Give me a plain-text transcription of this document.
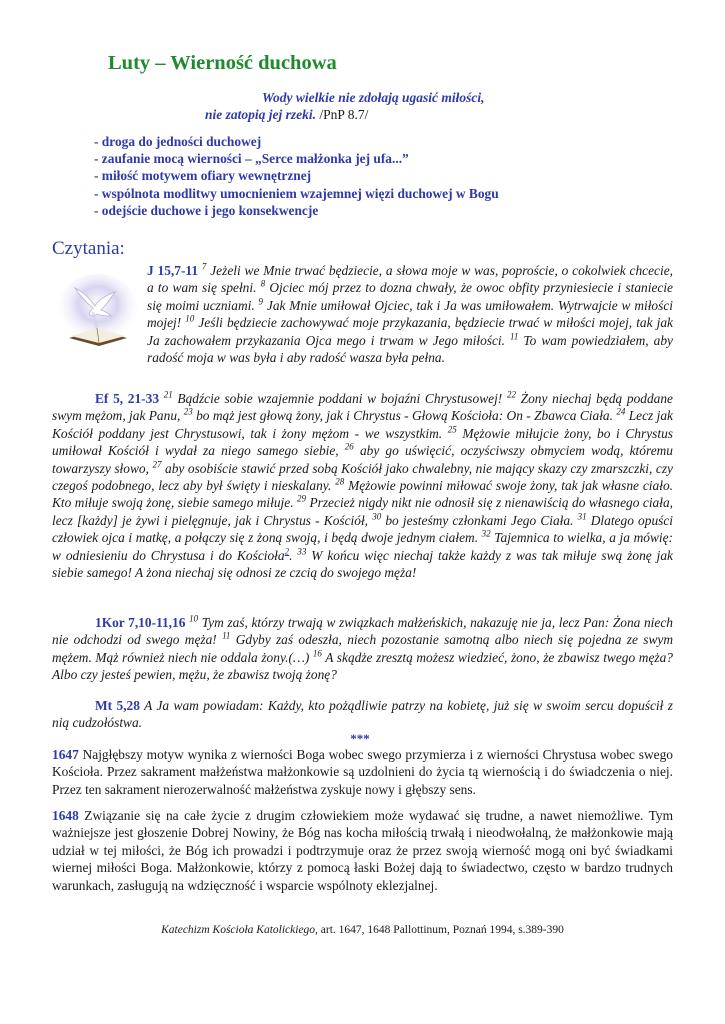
Luty – Wierność duchowa
Wody wielkie nie zdołają ugasić miłości,
nie zatopią jej rzeki. /PnP 8.7/
- droga do jedności duchowej
- zaufanie mocą wierności – „Serce małżonka jej ufa...”
- miłość motywem ofiary wewnętrznej
- wspólnota modlitwy umocnieniem wzajemnej więzi duchowej w Bogu
- odejście duchowe i jego konsekwencje
Czytania:
J 15,7-11 $^7$ Jeżeli we Mnie trwać będziecie, a słowa moje w was, poproście, o cokolwiek chcecie, a to wam się spełni. $^8$ Ojciec mój przez to dozna chwały, że owoc obfity przyniesiecie i staniecie się moimi uczniami. $^9$ Jak Mnie umiłował Ojciec, tak i Ja was umiłowałem. Wytrwajcie w miłości mojej! $^{10}$ Jeśli będziecie zachowywać moje przykazania, będziecie trwać w miłości mojej, tak jak Ja zachowałem przykazania Ojca mego i trwam w Jego miłości. $^{11}$ To wam powiedziałem, aby radość moja w was była i aby radość wasza była pełna.
Ef 5, 21-33 $^{21}$ Bądźcie sobie wzajemnie poddani w bojaźni Chrystusowej! $^{22}$ Żony niechaj będą poddane swym mężom, jak Panu, $^{23}$ bo mąż jest głową żony, jak i Chrystus - Głową Kościoła: On - Zbawca Ciała. $^{24}$ Lecz jak Kościół poddany jest Chrystusowi, tak i żony mężom - we wszystkim. $^{25}$ Mężowie miłujcie żony, bo i Chrystus umiłował Kościół i wydał za niego samego siebie, $^{26}$ aby go uświęcić, oczyściwszy obmyciem wodą, któremu towarzyszy słowo, $^{27}$ aby osobiście stawić przed sobą Kościół jako chwalebny, nie mający skazy czy zmarszczki, czy czegoś podobnego, lecz aby był święty i nieskalany. $^{28}$ Mężowie powinni miłować swoje żony, tak jak własne ciało. Kto miłuje swoją żonę, siebie samego miłuje. $^{29}$ Przecież nigdy nikt nie odnosił się z nienawiścią do własnego ciała, lecz [każdy] je żywi i pielęgnuje, jak i Chrystus - Kościół, $^{30}$ bo jesteśmy członkami Jego Ciała. $^{31}$ Dlatego opuści człowiek ojca i matkę, a połączy się z żoną swoją, i będą dwoje jednym ciałem. $^{32}$ Tajemnica to wielka, a ja mówię: w odniesieniu do Chrystusa i do Kościoła$^2$. $^{33}$ W końcu więc niechaj także każdy z was tak miłuje swą żonę jak siebie samego! A żona niechaj się odnosi ze czcią do swojego męża!
1Kor 7,10-11,16 $^{10}$ Tym zaś, którzy trwają w związkach małżeńskich, nakazuję nie ja, lecz Pan: Żona niech nie odchodzi od swego męża! $^{11}$ Gdyby zaś odeszła, niech pozostanie samotną albo niech się pojedna ze swym mężem. Mąż również niech nie oddala żony.(…) $^{16}$ A skądże zresztą możesz wiedzieć, żono, że zbawisz twego męża? Albo czy jesteś pewien, mężu, że zbawisz twoją żonę?
Mt 5,28 A Ja wam powiadam: Każdy, kto pożądliwie patrzy na kobietę, już się w swoim sercu dopuścił z nią cudzołóstwa.
***
1647 Najgłębszy motyw wynika z wierności Boga wobec swego przymierza i z wierności Chrystusa wobec swego Kościoła. Przez sakrament małżeństwa małżonkowie są uzdolnieni do życia tą wiernością i do świadczenia o niej. Przez ten sakrament nierozerwalność małżeństwa zyskuje nowy i głębszy sens.
1648 Związanie się na całe życie z drugim człowiekiem może wydawać się trudne, a nawet niemożliwe. Tym ważniejsze jest głoszenie Dobrej Nowiny, że Bóg nas kocha miłością trwałą i nieodwołalną, że małżonkowie mają udział w tej miłości, że Bóg ich prowadzi i podtrzymuje oraz że przez swoją wierność mogą oni być świadkami wiernej miłości Boga. Małżonkowie, którzy z pomocą łaski Bożej dają to świadectwo, często w bardzo trudnych warunkach, zasługują na wdzięczność i wsparcie wspólnoty eklezjalnej.
Katechizm Kościoła Katolickiego, art. 1647, 1648 Pallottinum, Poznań 1994, s.389-390
